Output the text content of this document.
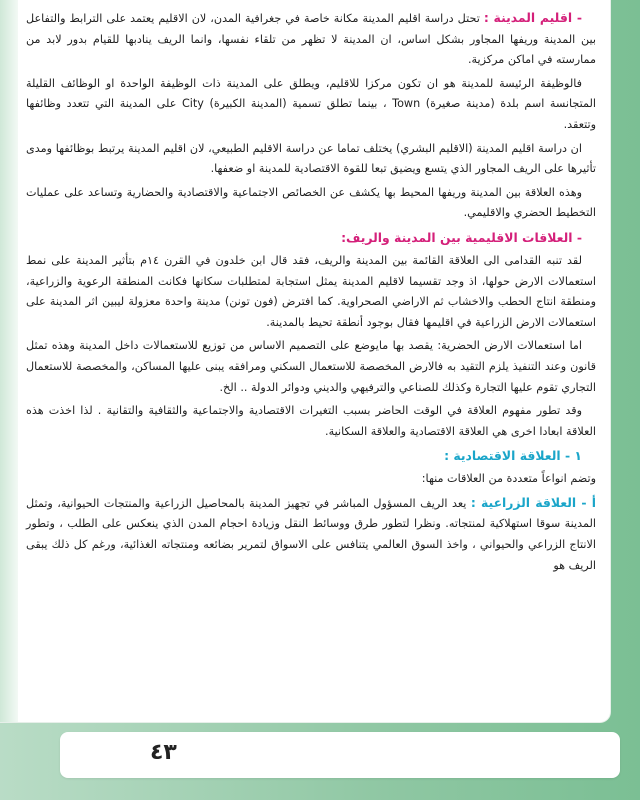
- اقليم المدينة : تحتل دراسة اقليم المدينة مكانة خاصة في جغرافية المدن، لان الاقليم يعتمد على الترابط والتفاعل بين المدينة وريفها المجاور بشكل اساس، ان المدينة لا تظهر من تلقاء نفسها، وانما الريف ينادبها للقيام بدور لابد من ممارسته في اماكن مركزية.

فالوظيفة الرئيسة للمدينة هو ان تكون مركزا للاقليم، ويطلق على المدينة ذات الوظيفة الواحدة او الوظائف القليلة المتجانسة اسم بلدة (مدينة صغيرة) Town ، بينما تطلق تسمية (المدينة الكبيرة) City على المدينة التي تتعدد وظائفها وتتعقد.

ان دراسة اقليم المدينة (الاقليم البشري) يختلف تماما عن دراسة الاقليم الطبيعي، لان اقليم المدينة يرتبط بوظائفها ومدى تأثيرها على الريف المجاور الذي يتسع ويضيق تبعا للقوة الاقتصادية للمدينة او ضعفها.

وهذه العلاقة بين المدينة وريفها المحيط بها يكشف عن الخصائص الاجتماعية والاقتصادية والحضارية وتساعد على عمليات التخطيط الحضري والاقليمي.

- العلاقات الاقليمية بين المدينة والريف:

لقد تنبه القدامى الى العلاقة القائمة بين المدينة والريف، فقد قال ابن خلدون في القرن ١٤م بتأثير المدينة على نمط استعمالات الارض حولها، اذ وجد تقسيما لاقليم المدينة يمثل استجابة لمتطلبات سكانها فكانت المنطقة الرعوية والزراعية، ومنطقة انتاج الحطب والاخشاب ثم الاراضي الصحراوية. كما افترض (فون تونن) مدينة واحدة معزولة ليبين اثر المدينة على استعمالات الارض الزراعية في اقليمها فقال بوجود أنطقة تحيط بالمدينة.

اما استعمالات الارض الحضرية: يقصد بها مايوضع على التصميم الاساس من توزيع للاستعمالات داخل المدينة وهذه تمثل قانون وعند التنفيذ يلزم التقيد به فالارض المخصصة للاستعمال السكني ومرافقه يبنى عليها المساكن، والمخصصة للاستعمال التجاري تقوم عليها التجارة وكذلك للصناعي والترفيهي والديني ودوائر الدولة .. الخ.

وقد تطور مفهوم العلاقة في الوقت الحاضر بسبب التغيرات الاقتصادية والاجتماعية والثقافية والتقانية . لذا اخذت هذه العلاقة ابعادا اخرى هي العلاقة الاقتصادية والعلاقة السكانية.

١ - العلاقة الاقتصادية :

وتضم انواعاً متعددة من العلاقات منها:

أ - العلاقة الزراعية : يعد الريف المسؤول المباشر في تجهيز المدينة بالمحاصيل الزراعية والمنتجات الحيوانية، وتمثل المدينة سوقا استهلاكية لمنتجاته. ونظرا لتطور طرق ووسائط النقل وزيادة احجام المدن الذي ينعكس على الطلب ، وتطور الانتاج الزراعي والحيواني ، واخذ السوق العالمي يتنافس على الاسواق لتمرير بضائعه ومنتجاته الغذائية، ورغم كل ذلك يبقى الريف هو

٤٣
